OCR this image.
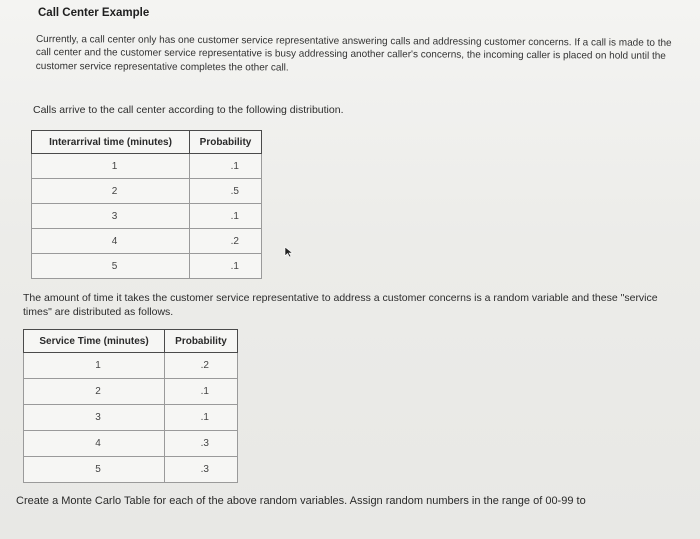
Call Center Example
Currently, a call center only has one customer service representative answering calls and addressing customer concerns. If a call is made to the call center and the customer service representative is busy addressing another caller's concerns, the incoming caller is placed on hold until the customer service representative completes the other call.
Calls arrive to the call center according to the following distribution.
Interarrival time (minutes)	Probability
1	.1
2	.5
3	.1
4	.2
5	.1
The amount of time it takes the customer service representative to address a customer concerns is a random variable and these "service times" are distributed as follows.
Service Time (minutes)	Probability
1	.2
2	.1
3	.1
4	.3
5	.3
Create a Monte Carlo Table for each of the above random variables. Assign random numbers in the range of 00-99 to
